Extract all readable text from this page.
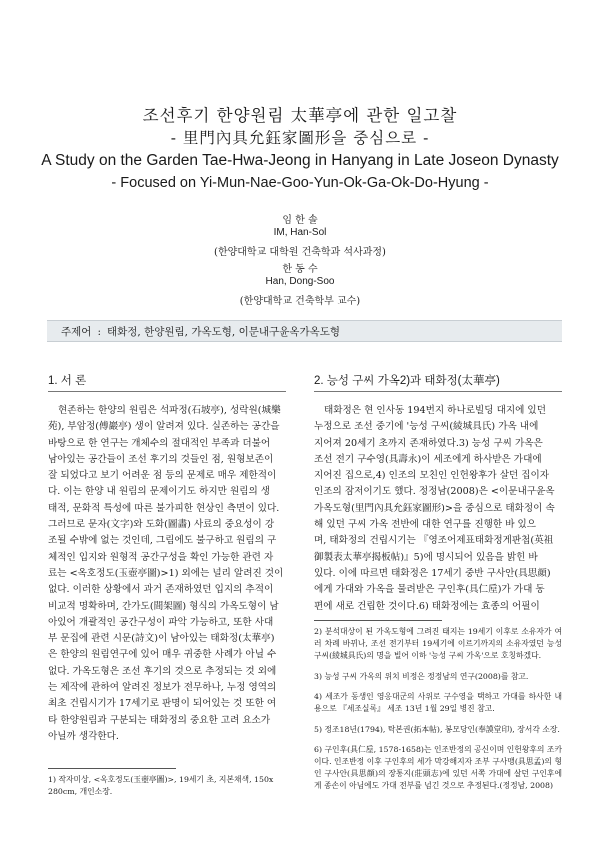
조선후기 한양원림 太華亭에 관한 일고찰
- 里門內具允鈺家圖形을 중심으로 -
A Study on the Garden Tae-Hwa-Jeong in Hanyang in Late Joseon Dynasty
- Focused on Yi-Mun-Nae-Goo-Yun-Ok-Ga-Ok-Do-Hyung -
임 한 솔
IM, Han-Sol
(한양대학교 대학원 건축학과 석사과정)
한 동 수
Han, Dong-Soo
(한양대학교 건축학부 교수)
주제어 : 태화정, 한양원림, 가옥도형, 이문내구윤옥가옥도형
1. 서 론	2. 능성 구씨 가옥2)과 태화정(太華亭)
현존하는 한양의 원림은 석파정(石坡亭), 성락원(城樂
苑), 부암정(傅巖亭) 생이 알려져 있다. 실존하는 공간을
바탕으로 한 연구는 개체수의 절대적인 부족과 더불어
남아있는 공간들이 조선 후기의 것들인 점, 원형보존이
잘 되었다고 보기 어려운 점 등의 문제로 매우 제한적이
다. 이는 한양 내 원림의 문제이기도 하지만 원림의 생
태적, 문화적 특성에 따른 불가피한 현상인 측면이 있다.
그러므로 문자(文字)와 도화(圖畵) 사료의 중요성이 강
조될 수밖에 없는 것인데, 그림에도 불구하고 원림의 구
체적인 입지와 원형적 공간구성을 확인 가능한 관련 자
료는 <옥호정도(玉壺亭圖)>1) 외에는 널리 알려진 것이
없다. 이러한 상황에서 과거 존재하였던 입지의 추적이
비교적 명확하며, 간가도(間架圖) 형식의 가옥도형이 남
아있어 개괄적인 공간구성이 파악 가능하고, 또한 사대
부 문집에 관련 시문(詩文)이 남아있는 태화정(太華亭)
은 한양의 원림연구에 있어 매우 귀중한 사례가 아닐 수
없다. 가옥도형은 조선 후기의 것으로 추정되는 것 외에
는 제작에 관하여 알려진 정보가 전무하나, 누정 영역의
최초 건립시기가 17세기로 판명이 되어있는 것 또한 여
타 한양원림과 구분되는 태화정의 중요한 고려 요소가
아닐까 생각한다.
태화정은 현 인사동 194번지 하나로빌딩 대지에 있던
누정으로 조선 중기에 '능성 구씨(綾城具氏) 가옥 내에
지어져 20세기 초까지 존재하였다.3) 능성 구씨 가옥은
조선 전기 구수영(具壽永)이 세조에게 하사받은 가대에
지어진 집으로,4) 인조의 모친인 인헌왕후가 살던 집이자
인조의 잠저이기도 했다. 정정남(2008)은 <이문내구윤옥
가옥도형(里門內具允鈺家圖形)>을 중심으로 태화정이 속
해 있던 구씨 가옥 전반에 대한 연구를 진행한 바 있으
며, 태화정의 건립시기는 『영조어제표태화정게판첩(英祖
御製表太華亭揭板帖)』5)에 명시되어 있음을 밝힌 바
있다. 이에 따르면 태화정은 17세기 중반 구사안(具思顔)
에게 가대와 가옥을 물려받은 구인후(具仁垕)가 가대 동
편에 새로 건립한 것이다.6) 태화정에는 효종의 어필이
2) 분석대상이 된 가옥도형에 그려진 태지는 19세기 이후로 소유자가 여러 차례 바뀌나, 조선 전기부터 19세기에 이르기까지의 소유자였던 능성 구씨(綾城具氏)의 명을 빌어 이하 '능성 구씨 가옥'으로 호칭하겠다.
3) 능성 구씨 가옥의 위치 비정은 정정남의 연구(2008)를 참고.
4) 세조가 동생인 영응대군의 사위로 구수영을 택하고 가대를 하사한 내용으로 『세조실록』 세조 13년 1월 29일 병진 참고.
5) 정조18년(1794), 탁본권(拓本帖), 봉모당인(奉謨堂印), 장서각 소장.
6) 구인후(具仁垕, 1578-1658)는 인조반정의 공신이며 인헌왕후의 조카이다. 인조반정 이후 구인후의 세가 막강해지자 조부 구사맹(具思孟)의 형인 구사안(具思顔)의 장통지(莊頭志)에 있던 서쪽 가대에 살던 구인후에게 종손이 아님에도 가대 전부를 넘긴 것으로 추정된다.(정정남, 2008)
1) 작자미상, <옥호정도(玉壺亭圖)>, 19세기 초, 지본채색, 150x
280cm, 개인소장.
